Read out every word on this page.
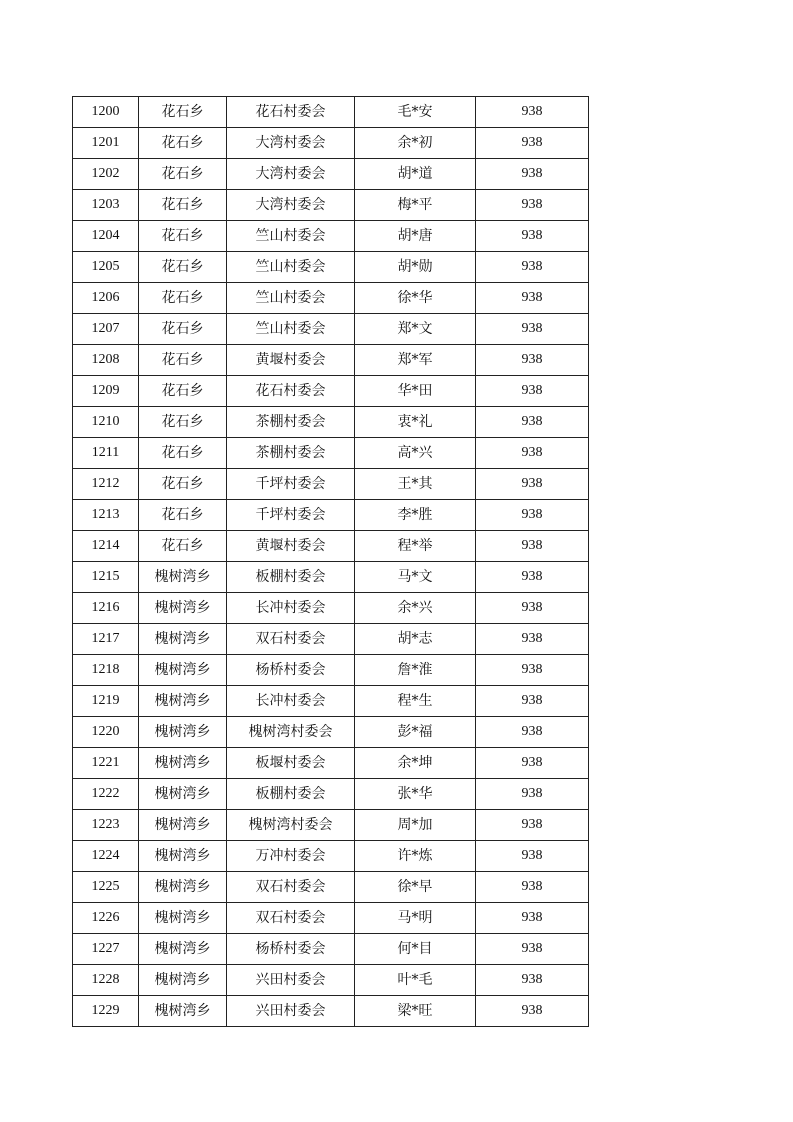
1200	花石乡	花石村委会	毛*安	938
1201	花石乡	大湾村委会	余*初	938
1202	花石乡	大湾村委会	胡*道	938
1203	花石乡	大湾村委会	梅*平	938
1204	花石乡	竺山村委会	胡*唐	938
1205	花石乡	竺山村委会	胡*勋	938
1206	花石乡	竺山村委会	徐*华	938
1207	花石乡	竺山村委会	郑*文	938
1208	花石乡	黄堰村委会	郑*军	938
1209	花石乡	花石村委会	华*田	938
1210	花石乡	茶棚村委会	衷*礼	938
1211	花石乡	茶棚村委会	高*兴	938
1212	花石乡	千坪村委会	王*其	938
1213	花石乡	千坪村委会	李*胜	938
1214	花石乡	黄堰村委会	程*举	938
1215	槐树湾乡	板棚村委会	马*文	938
1216	槐树湾乡	长冲村委会	余*兴	938
1217	槐树湾乡	双石村委会	胡*志	938
1218	槐树湾乡	杨桥村委会	詹*淮	938
1219	槐树湾乡	长冲村委会	程*生	938
1220	槐树湾乡	槐树湾村委会	彭*福	938
1221	槐树湾乡	板堰村委会	余*坤	938
1222	槐树湾乡	板棚村委会	张*华	938
1223	槐树湾乡	槐树湾村委会	周*加	938
1224	槐树湾乡	万冲村委会	许*炼	938
1225	槐树湾乡	双石村委会	徐*早	938
1226	槐树湾乡	双石村委会	马*明	938
1227	槐树湾乡	杨桥村委会	何*目	938
1228	槐树湾乡	兴田村委会	叶*毛	938
1229	槐树湾乡	兴田村委会	梁*旺	938
